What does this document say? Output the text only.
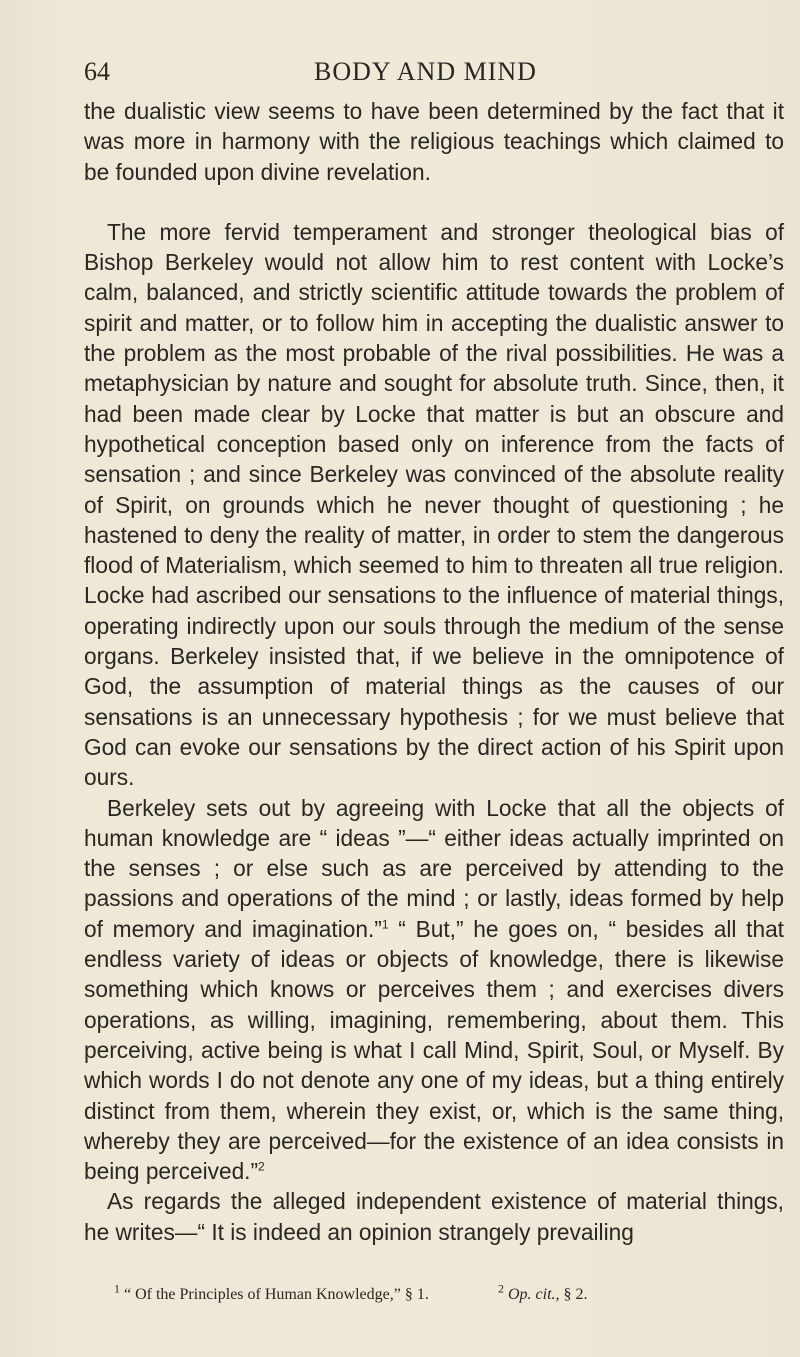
64	BODY AND MIND

the dualistic view seems to have been determined by the fact that it was more in harmony with the religious teachings which claimed to be founded upon divine revelation.

The more fervid temperament and stronger theological bias of Bishop Berkeley would not allow him to rest content with Locke’s calm, balanced, and strictly scientific attitude towards the problem of spirit and matter, or to follow him in accepting the dualistic answer to the problem as the most probable of the rival possibilities. He was a metaphysician by nature and sought for absolute truth. Since, then, it had been made clear by Locke that matter is but an obscure and hypothetical conception based only on inference from the facts of sensation ; and since Berkeley was convinced of the absolute reality of Spirit, on grounds which he never thought of questioning ; he hastened to deny the reality of matter, in order to stem the dangerous flood of Materialism, which seemed to him to threaten all true religion. Locke had ascribed our sensations to the influence of material things, operating indirectly upon our souls through the medium of the sense organs. Berkeley insisted that, if we believe in the omnipotence of God, the assumption of material things as the causes of our sensations is an unnecessary hypothesis ; for we must believe that God can evoke our sensations by the direct action of his Spirit upon ours.

Berkeley sets out by agreeing with Locke that all the objects of human knowledge are “ ideas ”—“ either ideas actually imprinted on the senses ; or else such as are perceived by attending to the passions and operations of the mind ; or lastly, ideas formed by help of memory and imagination.”$^1$ “ But,” he goes on, “ besides all that endless variety of ideas or objects of knowledge, there is likewise something which knows or perceives them ; and exercises divers operations, as willing, imagining, remembering, about them. This perceiving, active being is what I call Mind, Spirit, Soul, or Myself. By which words I do not denote any one of my ideas, but a thing entirely distinct from them, wherein they exist, or, which is the same thing, whereby they are perceived—for the existence of an idea consists in being perceived.”$^2$

As regards the alleged independent existence of material things, he writes—“ It is indeed an opinion strangely prevailing

$^1$ “ Of the Principles of Human Knowledge,” § 1.	$^2$ Op. cit., § 2.
